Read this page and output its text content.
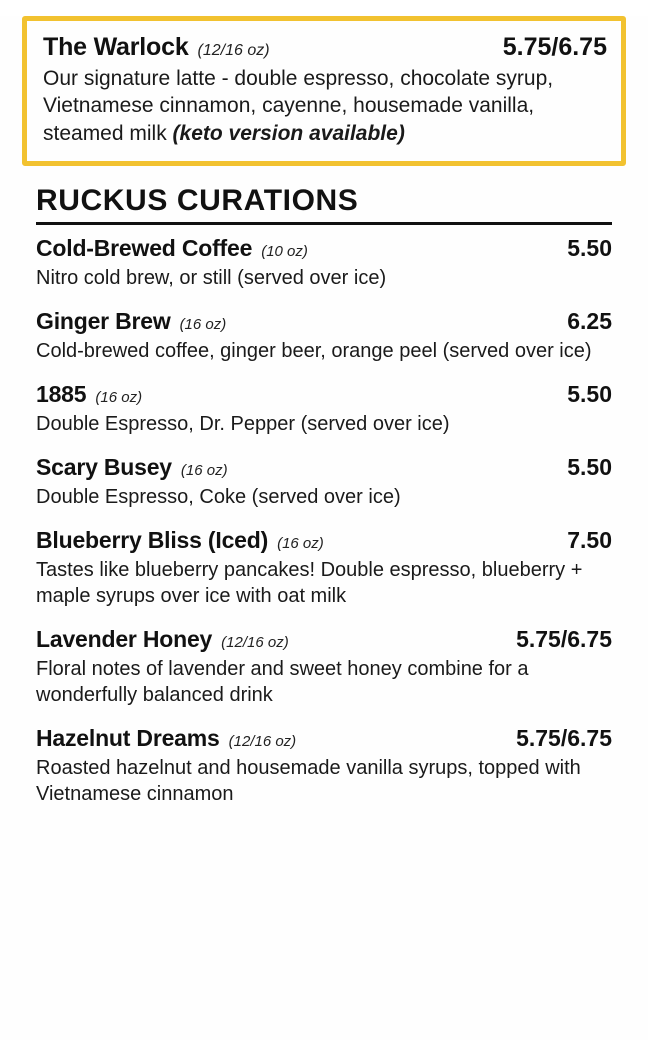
The Warlock (12/16 oz)	5.75/6.75
Our signature latte - double espresso, chocolate syrup, Vietnamese cinnamon, cayenne, housemade vanilla, steamed milk (keto version available)
RUCKUS CURATIONS
Cold-Brewed Coffee (10 oz)	5.50
Nitro cold brew, or still (served over ice)
Ginger Brew (16 oz)	6.25
Cold-brewed coffee, ginger beer, orange peel (served over ice)
1885 (16 oz)	5.50
Double Espresso, Dr. Pepper (served over ice)
Scary Busey (16 oz)	5.50
Double Espresso, Coke (served over ice)
Blueberry Bliss (Iced) (16 oz)	7.50
Tastes like blueberry pancakes! Double espresso, blueberry + maple syrups over ice with oat milk
Lavender Honey (12/16 oz)	5.75/6.75
Floral notes of lavender and sweet honey combine for a wonderfully balanced drink
Hazelnut Dreams (12/16 oz)	5.75/6.75
Roasted hazelnut and housemade vanilla syrups, topped with Vietnamese cinnamon
